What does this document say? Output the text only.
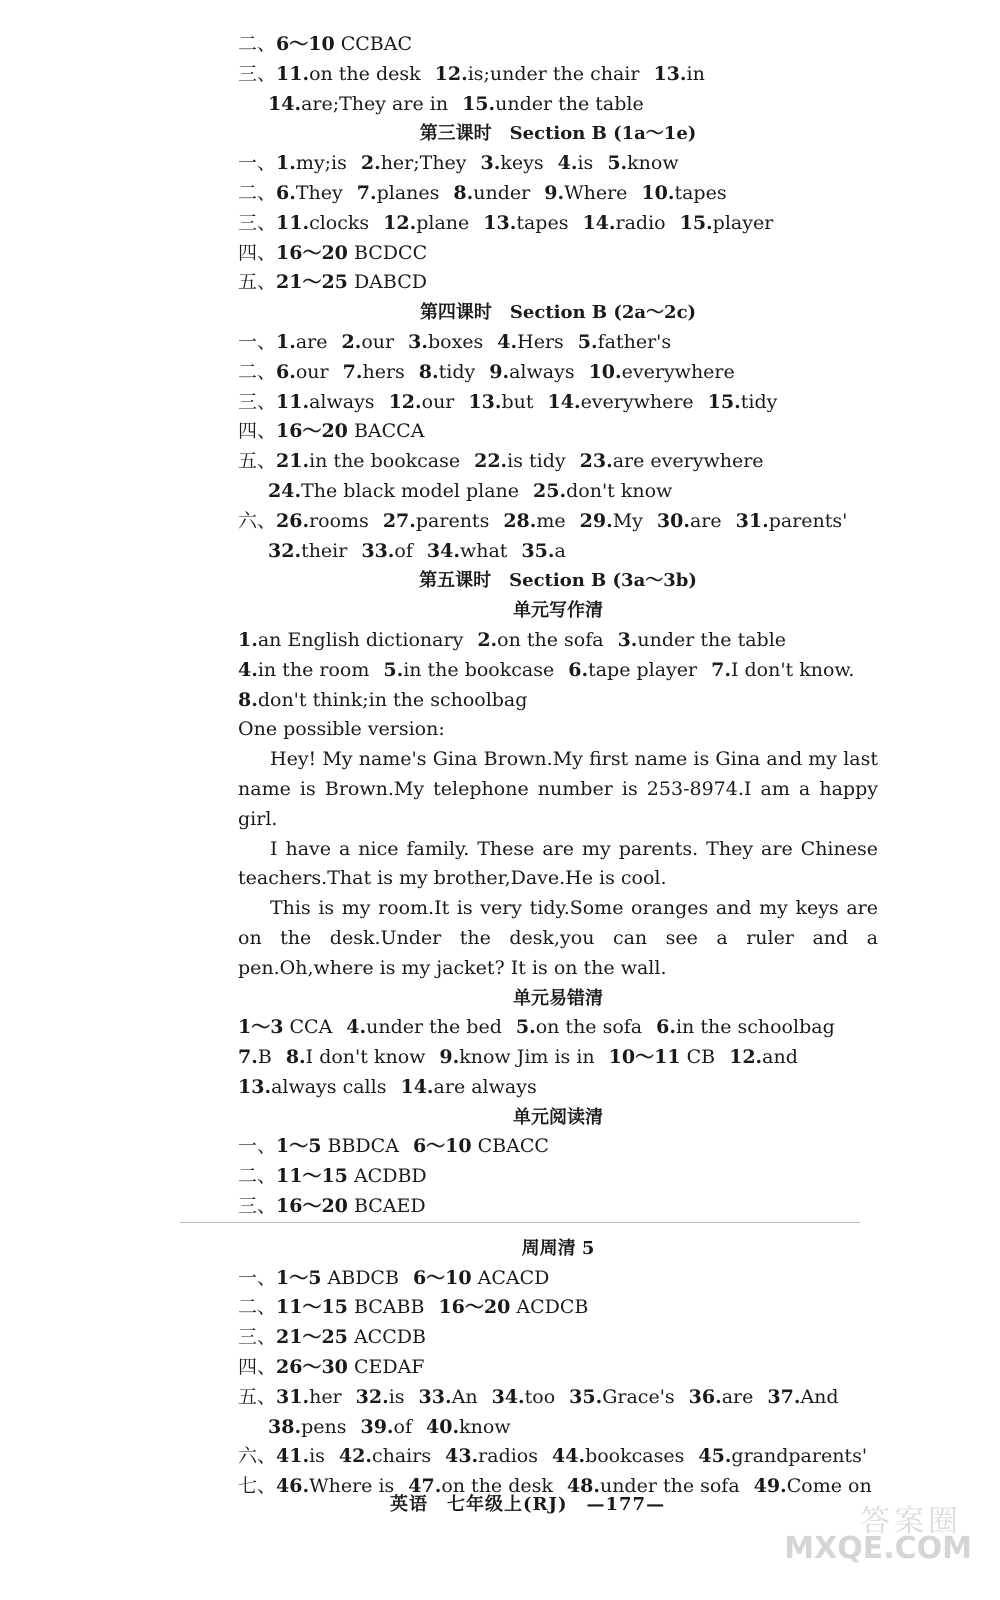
二、6～10 CCBAC
三、11.on the desk 12.is;under the chair 13.in
14.are;They are in 15.under the table
第三课时　Section B (1a～1e)
一、1.my;is 2.her;They 3.keys 4.is 5.know
二、6.They 7.planes 8.under 9.Where 10.tapes
三、11.clocks 12.plane 13.tapes 14.radio 15.player
四、16～20 BCDCC
五、21～25 DABCD
第四课时　Section B (2a～2c)
一、1.are 2.our 3.boxes 4.Hers 5.father's
二、6.our 7.hers 8.tidy 9.always 10.everywhere
三、11.always 12.our 13.but 14.everywhere 15.tidy
四、16～20 BACCA
五、21.in the bookcase 22.is tidy 23.are everywhere
24.The black model plane 25.don't know
六、26.rooms 27.parents 28.me 29.My 30.are 31.parents'
32.their 33.of 34.what 35.a
第五课时　Section B (3a～3b)
单元写作清
1.an English dictionary 2.on the sofa 3.under the table
4.in the room 5.in the bookcase 6.tape player 7.I don't know.
8.don't think;in the schoolbag
One possible version:
Hey! My name's Gina Brown.My first name is Gina and my last name is Brown.My telephone number is 253-8974.I am a happy girl.
I have a nice family. These are my parents. They are Chinese teachers.That is my brother,Dave.He is cool.
This is my room.It is very tidy.Some oranges and my keys are on the desk.Under the desk,you can see a ruler and a pen.Oh,where is my jacket? It is on the wall.
单元易错清
1～3 CCA 4.under the bed 5.on the sofa 6.in the schoolbag
7.B 8.I don't know 9.know Jim is in 10～11 CB 12.and
13.always calls 14.are always
单元阅读清
一、1～5 BBDCA 6～10 CBACC
二、11～15 ACDBD
三、16～20 BCAED
周周清 5
一、1～5 ABDCB 6～10 ACACD
二、11～15 BCABB 16～20 ACDCB
三、21～25 ACCDB
四、26～30 CEDAF
五、31.her 32.is 33.An 34.too 35.Grace's 36.are 37.And
38.pens 39.of 40.know
六、41.is 42.chairs 43.radios 44.bookcases 45.grandparents'
七、46.Where is 47.on the desk 48.under the sofa 49.Come on
英语　七年级上(RJ)　—177—	答案圈
MXQE.COM
